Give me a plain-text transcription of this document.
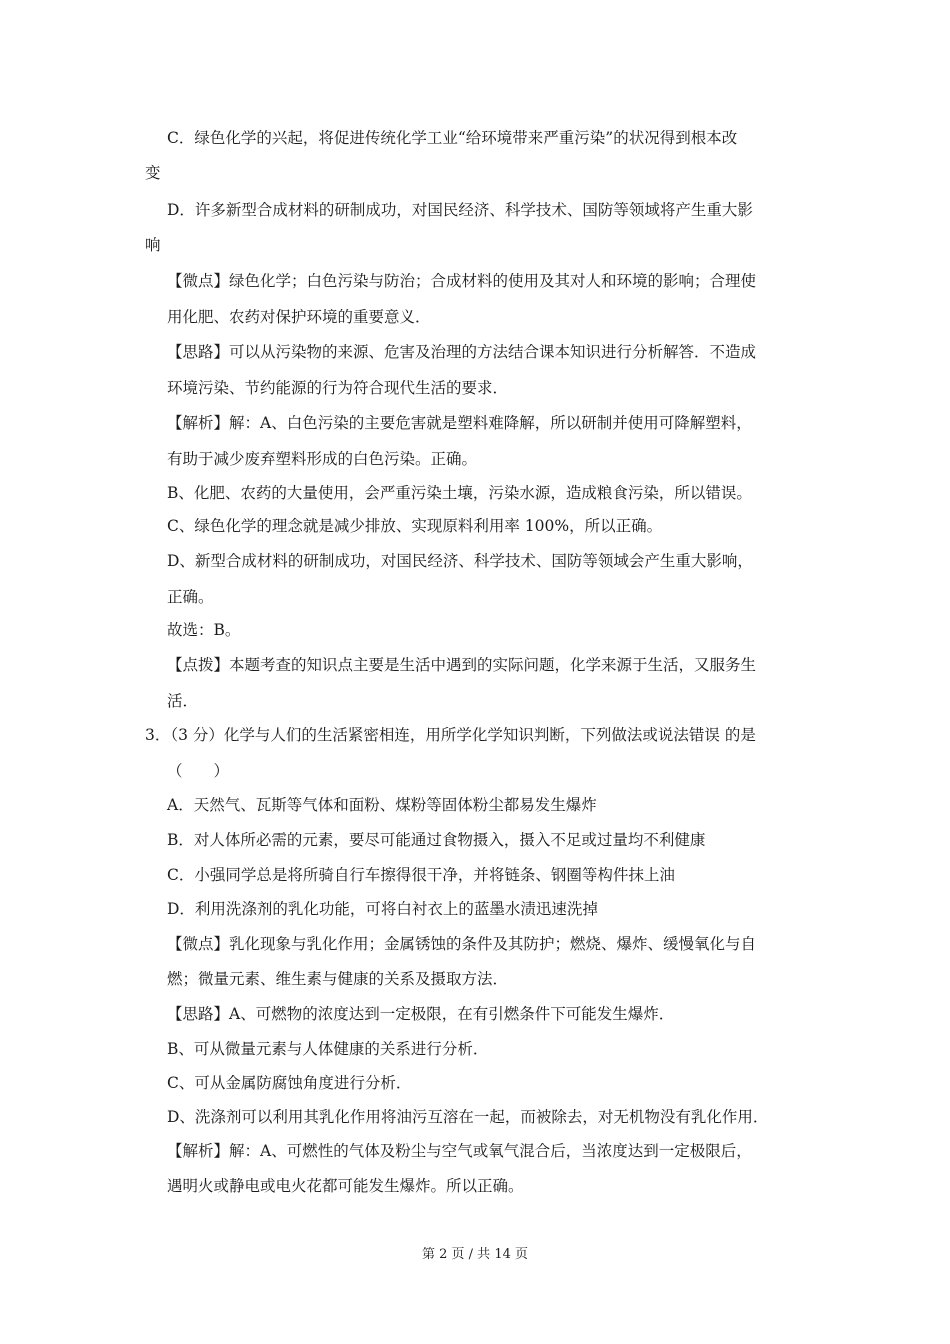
C．绿色化学的兴起，将促进传统化学工业“给环境带来严重污染”的状况得到根本改
变
D．许多新型合成材料的研制成功，对国民经济、科学技术、国防等领域将产生重大影
响
【微点】绿色化学；白色污染与防治；合成材料的使用及其对人和环境的影响；合理使
用化肥、农药对保护环境的重要意义．
【思路】可以从污染物的来源、危害及治理的方法结合课本知识进行分析解答．不造成
环境污染、节约能源的行为符合现代生活的要求．
【解析】解：A、白色污染的主要危害就是塑料难降解，所以研制并使用可降解塑料，
有助于减少废弃塑料形成的白色污染。正确。
B、化肥、农药的大量使用，会严重污染土壤，污染水源，造成粮食污染，所以错误。
C、绿色化学的理念就是减少排放、实现原料利用率 100%，所以正确。
D、新型合成材料的研制成功，对国民经济、科学技术、国防等领域会产生重大影响，
正确。
故选：B。
【点拨】本题考查的知识点主要是生活中遇到的实际问题，化学来源于生活，又服务生
活．
3．（3 分）化学与人们的生活紧密相连，用所学化学知识判断，下列做法或说法错误 的是
（　　）
A．天然气、瓦斯等气体和面粉、煤粉等固体粉尘都易发生爆炸
B．对人体所必需的元素，要尽可能通过食物摄入，摄入不足或过量均不利健康
C．小强同学总是将所骑自行车擦得很干净，并将链条、钢圈等构件抹上油
D．利用洗涤剂的乳化功能，可将白衬衣上的蓝墨水渍迅速洗掉
【微点】乳化现象与乳化作用；金属锈蚀的条件及其防护；燃烧、爆炸、缓慢氧化与自
燃；微量元素、维生素与健康的关系及摄取方法．
【思路】A、可燃物的浓度达到一定极限，在有引燃条件下可能发生爆炸．
B、可从微量元素与人体健康的关系进行分析．
C、可从金属防腐蚀角度进行分析．
D、洗涤剂可以利用其乳化作用将油污互溶在一起，而被除去，对无机物没有乳化作用．
【解析】解：A、可燃性的气体及粉尘与空气或氧气混合后，当浓度达到一定极限后，
遇明火或静电或电火花都可能发生爆炸。所以正确。
第 2 页 / 共 14 页
